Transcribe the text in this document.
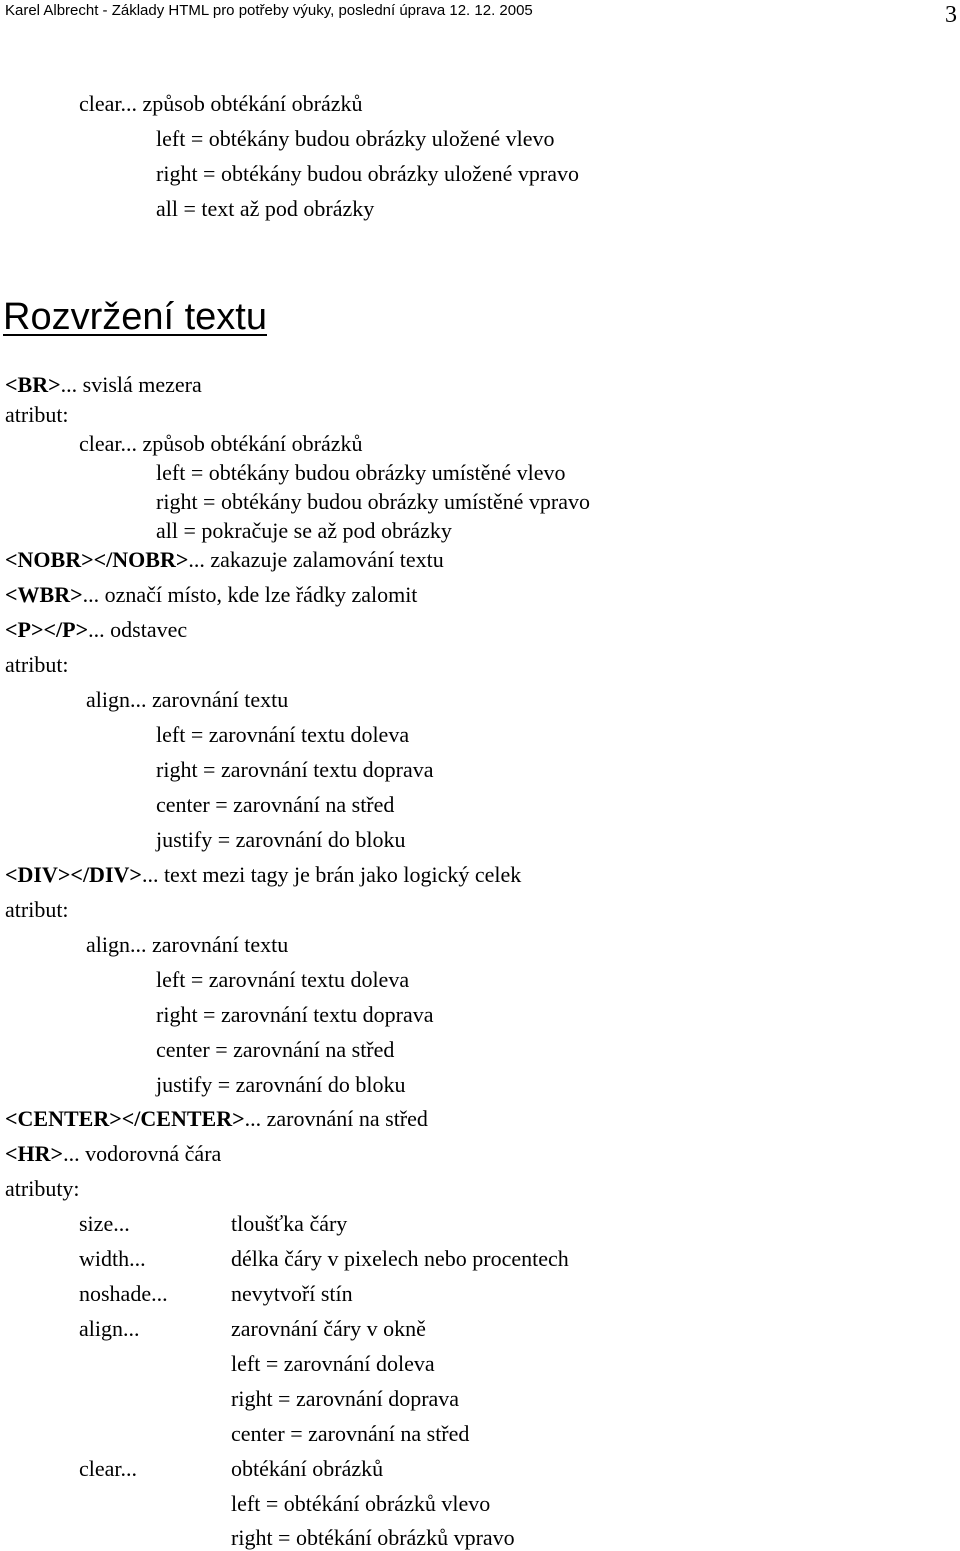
Karel Albrecht - Základy HTML pro potřeby výuky, poslední úprava 12. 12. 2005	3
clear... způsob obtékání obrázků
left = obtékány budou obrázky uložené vlevo
right = obtékány budou obrázky uložené vpravo
all = text až pod obrázky
Rozvržení textu
<BR>... svislá mezera
atribut:
clear... způsob obtékání obrázků
left = obtékány budou obrázky umístěné vlevo
right = obtékány budou obrázky umístěné vpravo
all = pokračuje se až pod obrázky
<NOBR></NOBR>... zakazuje zalamování textu
<WBR>... označí místo, kde lze řádky zalomit
<P></P>... odstavec
atribut:
align... zarovnání textu
left = zarovnání textu doleva
right = zarovnání textu doprava
center = zarovnání na střed
justify = zarovnání do bloku
<DIV></DIV>... text mezi tagy je brán jako logický celek
atribut:
align... zarovnání textu
left = zarovnání textu doleva
right = zarovnání textu doprava
center = zarovnání na střed
justify = zarovnání do bloku
<CENTER></CENTER>... zarovnání na střed
<HR>... vodorovná čára
atributy:
size...	tloušťka čáry
width...	délka čáry v pixelech nebo procentech
noshade...	nevytvoří stín
align...	zarovnání čáry v okně
left = zarovnání doleva
right = zarovnání doprava
center = zarovnání na střed
clear...	obtékání obrázků
left = obtékání obrázků vlevo
right = obtékání obrázků vpravo
